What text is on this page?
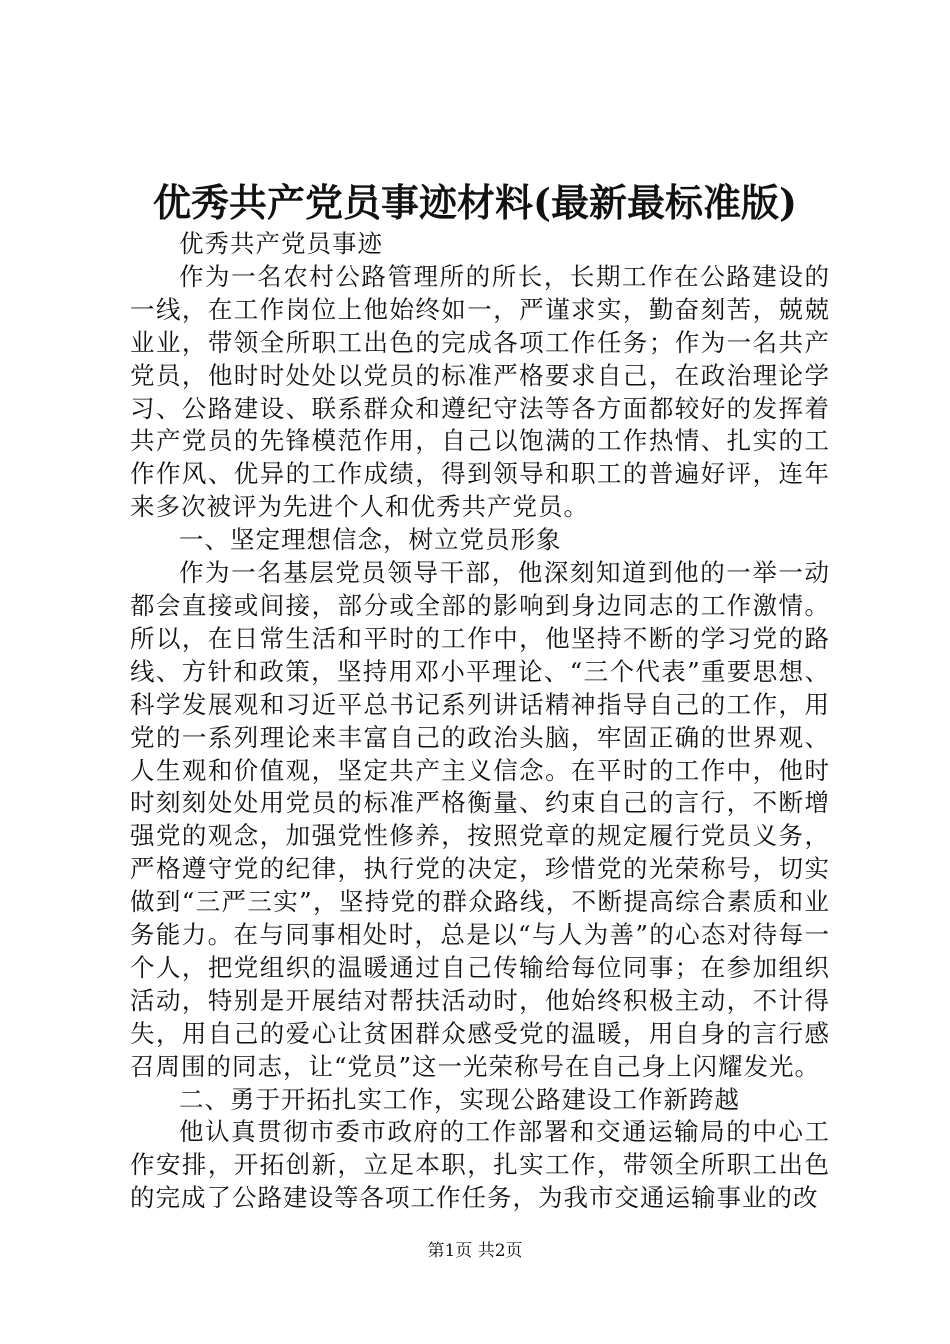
优秀共产党员事迹材料(最新最标准版)

优秀共产党员事迹

作为一名农村公路管理所的所长，长期工作在公路建设的一线，在工作岗位上他始终如一，严谨求实，勤奋刻苦，兢兢业业，带领全所职工出色的完成各项工作任务；作为一名共产党员，他时时处处以党员的标准严格要求自己，在政治理论学习、公路建设、联系群众和遵纪守法等各方面都较好的发挥着共产党员的先锋模范作用，自己以饱满的工作热情、扎实的工作作风、优异的工作成绩，得到领导和职工的普遍好评，连年来多次被评为先进个人和优秀共产党员。

一、坚定理想信念，树立党员形象

作为一名基层党员领导干部，他深刻知道到他的一举一动都会直接或间接，部分或全部的影响到身边同志的工作激情。所以，在日常生活和平时的工作中，他坚持不断的学习党的路线、方针和政策，坚持用邓小平理论、“三个代表”重要思想、科学发展观和习近平总书记系列讲话精神指导自己的工作，用党的一系列理论来丰富自己的政治头脑，牢固正确的世界观、人生观和价值观，坚定共产主义信念。在平时的工作中，他时时刻刻处处用党员的标准严格衡量、约束自己的言行，不断增强党的观念，加强党性修养，按照党章的规定履行党员义务，严格遵守党的纪律，执行党的决定，珍惜党的光荣称号，切实做到“三严三实”，坚持党的群众路线，不断提高综合素质和业务能力。在与同事相处时，总是以“与人为善”的心态对待每一个人，把党组织的温暖通过自己传输给每位同事；在参加组织活动，特别是开展结对帮扶活动时，他始终积极主动，不计得失，用自己的爱心让贫困群众感受党的温暖，用自身的言行感召周围的同志，让“党员”这一光荣称号在自己身上闪耀发光。

二、勇于开拓扎实工作，实现公路建设工作新跨越

他认真贯彻市委市政府的工作部署和交通运输局的中心工作安排，开拓创新，立足本职，扎实工作，带领全所职工出色的完成了公路建设等各项工作任务，为我市交通运输事业的改

第1页 共2页
